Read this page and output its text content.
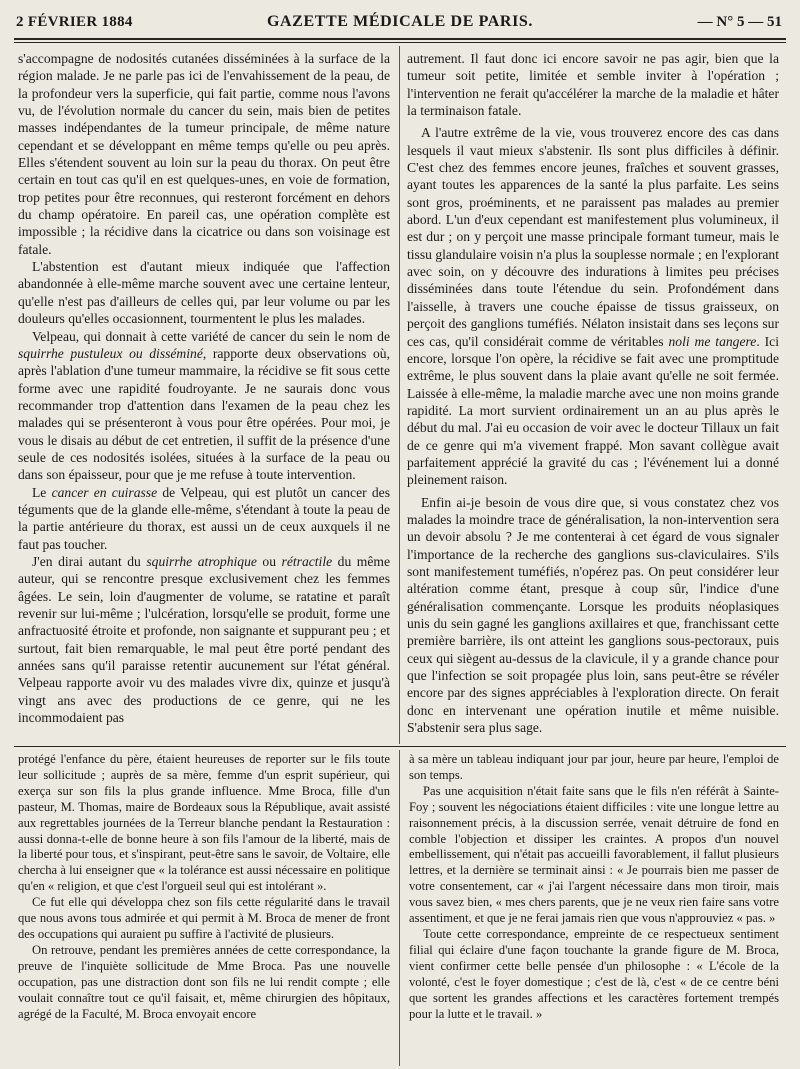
2 FÉVRIER 1884	GAZETTE MÉDICALE DE PARIS.	— N° 5 — 51

s'accompagne de nodosités cutanées disséminées à la surface de la région malade. Je ne parle pas ici de l'envahissement de la peau, de la profondeur vers la superficie, qui fait partie, comme nous l'avons vu, de l'évolution normale du cancer du sein, mais bien de petites masses indépendantes de la tumeur principale, de même nature cependant et se développant en même temps qu'elle ou peu après. Elles s'étendent souvent au loin sur la peau du thorax. On peut être certain en tout cas qu'il en est quelques-unes, en voie de formation, trop petites pour être reconnues, qui resteront forcément en dehors du champ opératoire. En pareil cas, une opération complète est impossible ; la récidive dans la cicatrice ou dans son voisinage est fatale.

L'abstention est d'autant mieux indiquée que l'affection abandonnée à elle-même marche souvent avec une certaine lenteur, qu'elle n'est pas d'ailleurs de celles qui, par leur volume ou par les douleurs qu'elles occasionnent, tourmentent le plus les malades.

Velpeau, qui donnait à cette variété de cancer du sein le nom de squirrhe pustuleux ou disséminé, rapporte deux observations où, après l'ablation d'une tumeur mammaire, la récidive se fit sous cette forme avec une rapidité foudroyante. Je ne saurais donc vous recommander trop d'attention dans l'examen de la peau chez les malades qui se présenteront à vous pour être opérées. Pour moi, je vous le disais au début de cet entretien, il suffit de la présence d'une seule de ces nodosités isolées, situées à la surface de la peau ou dans son épaisseur, pour que je me refuse à toute intervention.

Le cancer en cuirasse de Velpeau, qui est plutôt un cancer des téguments que de la glande elle-même, s'étendant à toute la peau de la partie antérieure du thorax, est aussi un de ceux auxquels il ne faut pas toucher.

J'en dirai autant du squirrhe atrophique ou rétractile du même auteur, qui se rencontre presque exclusivement chez les femmes âgées. Le sein, loin d'augmenter de volume, se ratatine et paraît revenir sur lui-même ; l'ulcération, lorsqu'elle se produit, forme une anfractuosité étroite et profonde, non saignante et suppurant peu ; et surtout, fait bien remarquable, le mal peut être porté pendant des années sans qu'il paraisse retentir aucunement sur l'état général. Velpeau rapporte avoir vu des malades vivre dix, quinze et jusqu'à vingt ans avec des productions de ce genre, qui ne les incommodaient pas

autrement. Il faut donc ici encore savoir ne pas agir, bien que la tumeur soit petite, limitée et semble inviter à l'opération ; l'intervention ne ferait qu'accélérer la marche de la maladie et hâter la terminaison fatale.

A l'autre extrême de la vie, vous trouverez encore des cas dans lesquels il vaut mieux s'abstenir. Ils sont plus difficiles à définir. C'est chez des femmes encore jeunes, fraîches et souvent grasses, ayant toutes les apparences de la santé la plus parfaite. Les seins sont gros, proéminents, et ne paraissent pas malades au premier abord. L'un d'eux cependant est manifestement plus volumineux, il est dur ; on y perçoit une masse principale formant tumeur, mais le tissu glandulaire voisin n'a plus la souplesse normale ; en l'explorant avec soin, on y découvre des indurations à limites peu précises disséminées dans toute l'étendue du sein. Profondément dans l'aisselle, à travers une couche épaisse de tissus graisseux, on perçoit des ganglions tuméfiés. Nélaton insistait dans ses leçons sur ces cas, qu'il considérait comme de véritables noli me tangere. Ici encore, lorsque l'on opère, la récidive se fait avec une promptitude extrême, le plus souvent dans la plaie avant qu'elle ne soit fermée. Laissée à elle-même, la maladie marche avec une non moins grande rapidité. La mort survient ordinairement un an au plus après le début du mal. J'ai eu occasion de voir avec le docteur Tillaux un fait de ce genre qui m'a vivement frappé. Mon savant collègue avait parfaitement apprécié la gravité du cas ; l'événement lui a donné pleinement raison.

Enfin ai-je besoin de vous dire que, si vous constatez chez vos malades la moindre trace de généralisation, la non-intervention sera un devoir absolu ? Je me contenterai à cet égard de vous signaler l'importance de la recherche des ganglions sus-claviculaires. S'ils sont manifestement tuméfiés, n'opérez pas. On peut considérer leur altération comme étant, presque à coup sûr, l'indice d'une généralisation commençante. Lorsque les produits néoplasiques unis du sein gagné les ganglions axillaires et que, franchissant cette première barrière, ils ont atteint les ganglions sous-pectoraux, puis ceux qui siègent au-dessus de la clavicule, il y a grande chance pour que l'infection se soit propagée plus loin, sans peut-être se révéler encore par des signes appréciables à l'exploration directe. On ferait donc en intervenant une opération inutile et même nuisible. S'abstenir sera plus sage.

protégé l'enfance du père, étaient heureuses de reporter sur le fils toute leur sollicitude ; auprès de sa mère, femme d'un esprit supérieur, qui exerça sur son fils la plus grande influence. Mme Broca, fille d'un pasteur, M. Thomas, maire de Bordeaux sous la République, avait assisté aux regrettables journées de la Terreur blanche pendant la Restauration : aussi donna-t-elle de bonne heure à son fils l'amour de la liberté, mais de la liberté pour tous, et s'inspirant, peut-être sans le savoir, de Voltaire, elle chercha à lui enseigner que « la tolérance est aussi nécessaire en politique qu'en « religion, et que c'est l'orgueil seul qui est intolérant ».

Ce fut elle qui développa chez son fils cette régularité dans le travail que nous avons tous admirée et qui permit à M. Broca de mener de front des occupations qui auraient pu suffire à l'activité de plusieurs.

On retrouve, pendant les premières années de cette correspondance, la preuve de l'inquiète sollicitude de Mme Broca. Pas une nouvelle occupation, pas une distraction dont son fils ne lui rendit compte ; elle voulait connaître tout ce qu'il faisait, et, même chirurgien des hôpitaux, agrégé de la Faculté, M. Broca envoyait encore

à sa mère un tableau indiquant jour par jour, heure par heure, l'emploi de son temps.

Pas une acquisition n'était faite sans que le fils n'en référât à Sainte-Foy ; souvent les négociations étaient difficiles : vite une longue lettre au raisonnement précis, à la discussion serrée, venait détruire de fond en comble l'objection et dissiper les craintes. A propos d'un nouvel embellissement, qui n'était pas accueilli favorablement, il fallut plusieurs lettres, et la dernière se terminait ainsi : « Je pourrais bien me passer de votre consentement, car « j'ai l'argent nécessaire dans mon tiroir, mais vous savez bien, « mes chers parents, que je ne veux rien faire sans votre assentiment, et que je ne ferai jamais rien que vous n'approuviez « pas. »

Toute cette correspondance, empreinte de ce respectueux sentiment filial qui éclaire d'une façon touchante la grande figure de M. Broca, vient confirmer cette belle pensée d'un philosophe : « L'école de la volonté, c'est le foyer domestique ; c'est de là, c'est « de ce centre béni que sortent les grandes affections et les caractères fortement trempés pour la lutte et le travail. »
